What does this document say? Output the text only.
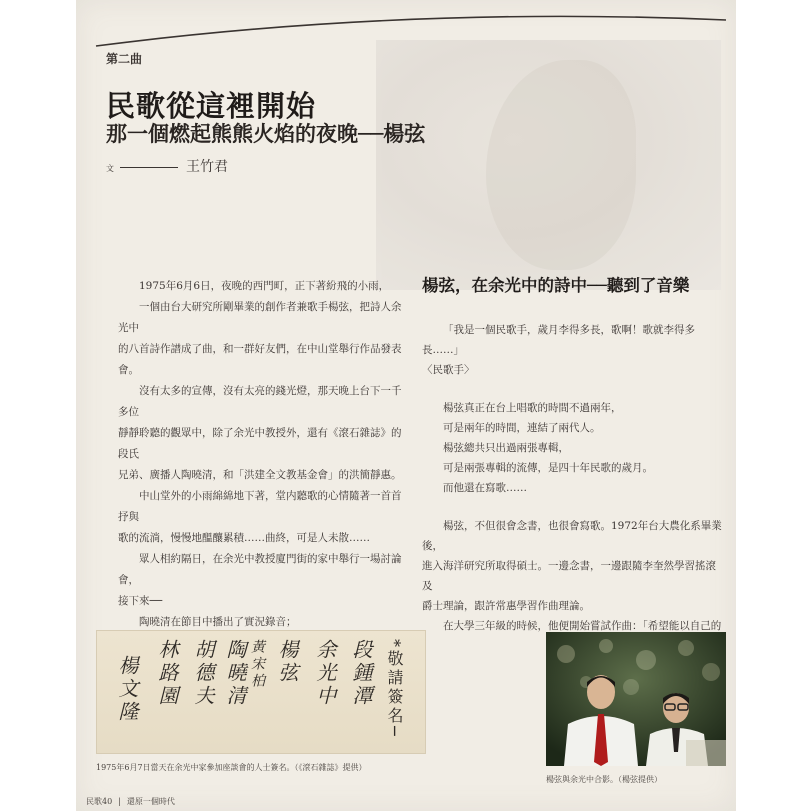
第二曲
民歌從這裡開始
那一個燃起熊熊火焰的夜晚──楊弦
文	王竹君

1975年6月6日，夜晚的西門町，正下著紛飛的小雨，

一個由台大研究所剛畢業的創作者兼歌手楊弦，把詩人余光中

的八首詩作譜成了曲，和一群好友們，在中山堂舉行作品發表會。

沒有太多的宣傳，沒有太亮的錢光燈，那天晚上台下一千多位

靜靜聆聽的觀眾中，除了余光中教授外，還有《滾石雜誌》的段氏

兄弟、廣播人陶曉清，和「洪建全文教基金會」的洪簡靜惠。

中山堂外的小雨綿綿地下著，堂内聽歌的心情隨著一首首抒與

歌的流淌，慢慢地醞釀累積……曲終，可是人未散……

眾人相約隔日，在余光中教授廈門街的家中舉行一場討論會，

接下來──

陶曉清在節目中播出了實況錄音；

楊弦，在余光中的詩中──聽到了音樂

「我是一個民歌手，歲月李得多長，歌啊！歌就李得多長……」

〈民歌手〉

楊弦真正在台上唱歌的時間不過兩年，

可是兩年的時間，連結了兩代人。

楊弦總共只出過兩張專輯，

可是兩張專輯的流傳，是四十年民歌的歲月。

而他還在寫歌……

楊弦，不但很會念書，也很會寫歌。1972年台大農化系畢業後，

進入海洋研究所取得碩士。一邊念書，一邊跟隨李奎然學習搖滾及

爵士理論，跟許常惠學習作曲理論。

在大學三年級的時候，他便開始嘗試作曲：「希望能以自己的

*敬請簽名─
段鍾潭
余光中
楊弦
黃宋柏
陶曉清
胡德夫
林路園
楊文隆
1975年6月7日當天在余光中家參加座談會的人士簽名。（《滾石雜誌》提供）
楊弦與余光中合影。（楊弦提供）
民歌40 | 還原一個時代
